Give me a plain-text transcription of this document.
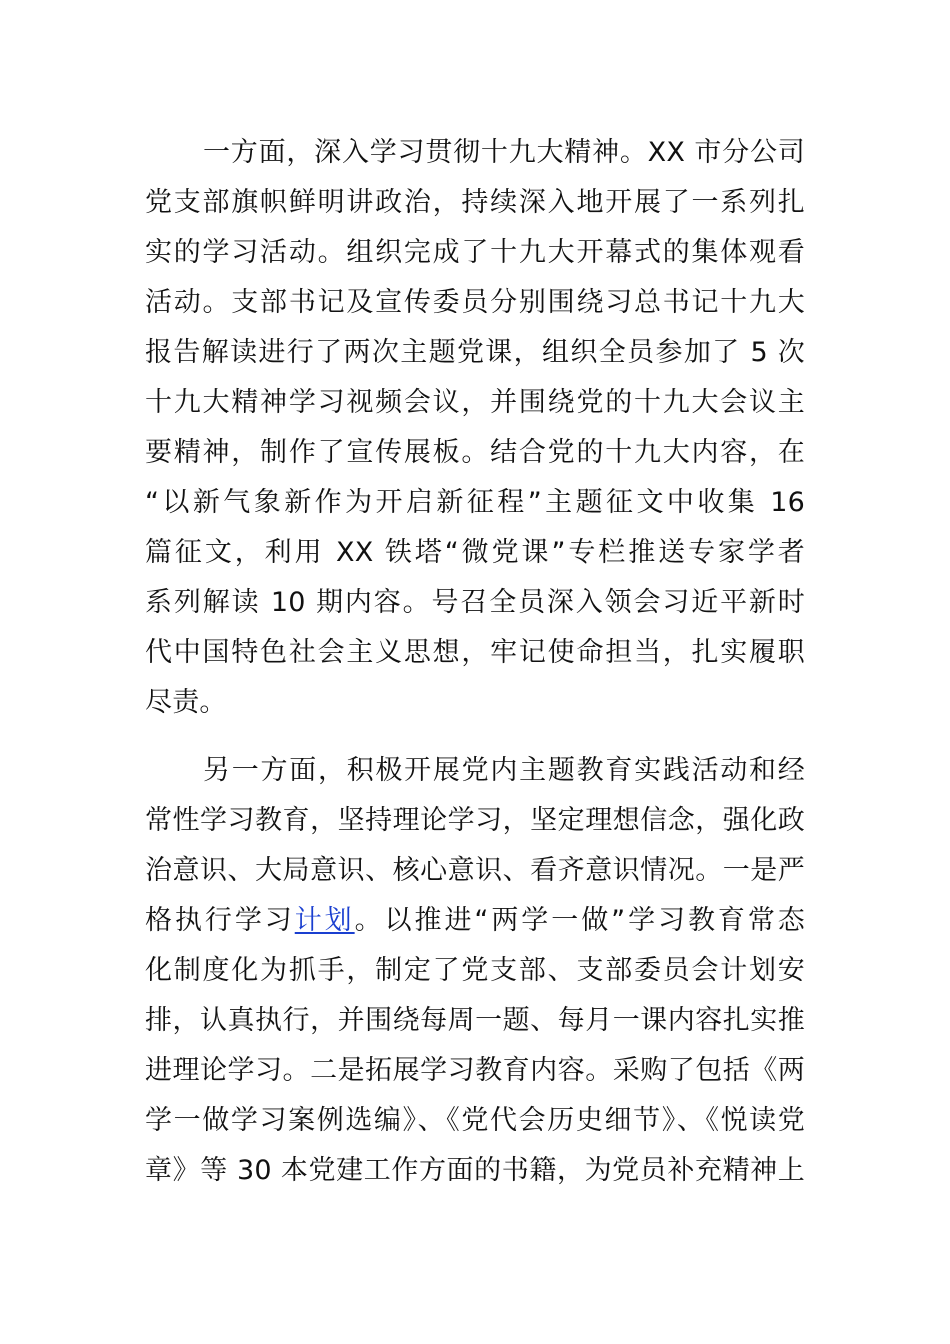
一方面，深入学习贯彻十九大精神。XX 市分公司
党支部旗帜鲜明讲政治，持续深入地开展了一系列扎
实的学习活动。组织完成了十九大开幕式的集体观看
活动。支部书记及宣传委员分别围绕习总书记十九大
报告解读进行了两次主题党课，组织全员参加了 5 次
十九大精神学习视频会议，并围绕党的十九大会议主
要精神，制作了宣传展板。结合党的十九大内容，在
“以新气象新作为开启新征程”主题征文中收集 16
篇征文，利用 XX 铁塔“微党课”专栏推送专家学者
系列解读 10 期内容。号召全员深入领会习近平新时
代中国特色社会主义思想，牢记使命担当，扎实履职
尽责。
另一方面，积极开展党内主题教育实践活动和经
常性学习教育，坚持理论学习，坚定理想信念，强化政
治意识、大局意识、核心意识、看齐意识情况。一是严
格执行学习计划。以推进“两学一做”学习教育常态
化制度化为抓手，制定了党支部、支部委员会计划安
排，认真执行，并围绕每周一题、每月一课内容扎实推
进理论学习。二是拓展学习教育内容。采购了包括《两
学一做学习案例选编》、《党代会历史细节》、《悦读党
章》等 30 本党建工作方面的书籍，为党员补充精神上
